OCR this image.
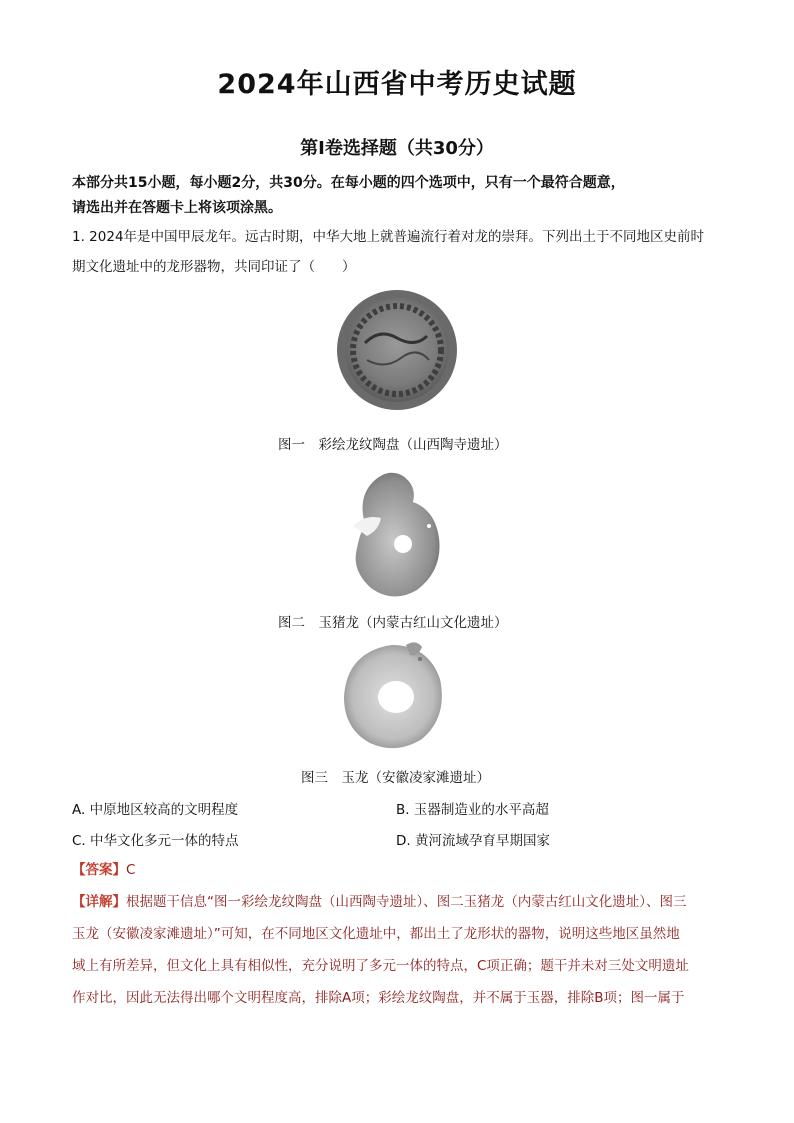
2024年山西省中考历史试题
第Ⅰ卷选择题（共30分）
本部分共15小题，每小题2分，共30分。在每小题的四个选项中，只有一个最符合题意，
请选出并在答题卡上将该项涂黑。
1. 2024年是中国甲辰龙年。远古时期，中华大地上就普遍流行着对龙的崇拜。下列出土于不同地区史前时
期文化遗址中的龙形器物，共同印证了（　　）
图一　彩绘龙纹陶盘（山西陶寺遗址）
图二　玉猪龙（内蒙古红山文化遗址）
图三　玉龙（安徽凌家滩遗址）
A. 中原地区较高的文明程度	B. 玉器制造业的水平高超
C. 中华文化多元一体的特点	D. 黄河流域孕育早期国家
【答案】C
【详解】根据题干信息“图一彩绘龙纹陶盘（山西陶寺遗址）、图二玉猪龙（内蒙古红山文化遗址）、图三
玉龙（安徽凌家滩遗址）”可知，在不同地区文化遗址中，都出土了龙形状的器物，说明这些地区虽然地
域上有所差异，但文化上具有相似性，充分说明了多元一体的特点，C项正确；题干并未对三处文明遗址
作对比，因此无法得出哪个文明程度高，排除A项；彩绘龙纹陶盘，并不属于玉器，排除B项；图一属于
